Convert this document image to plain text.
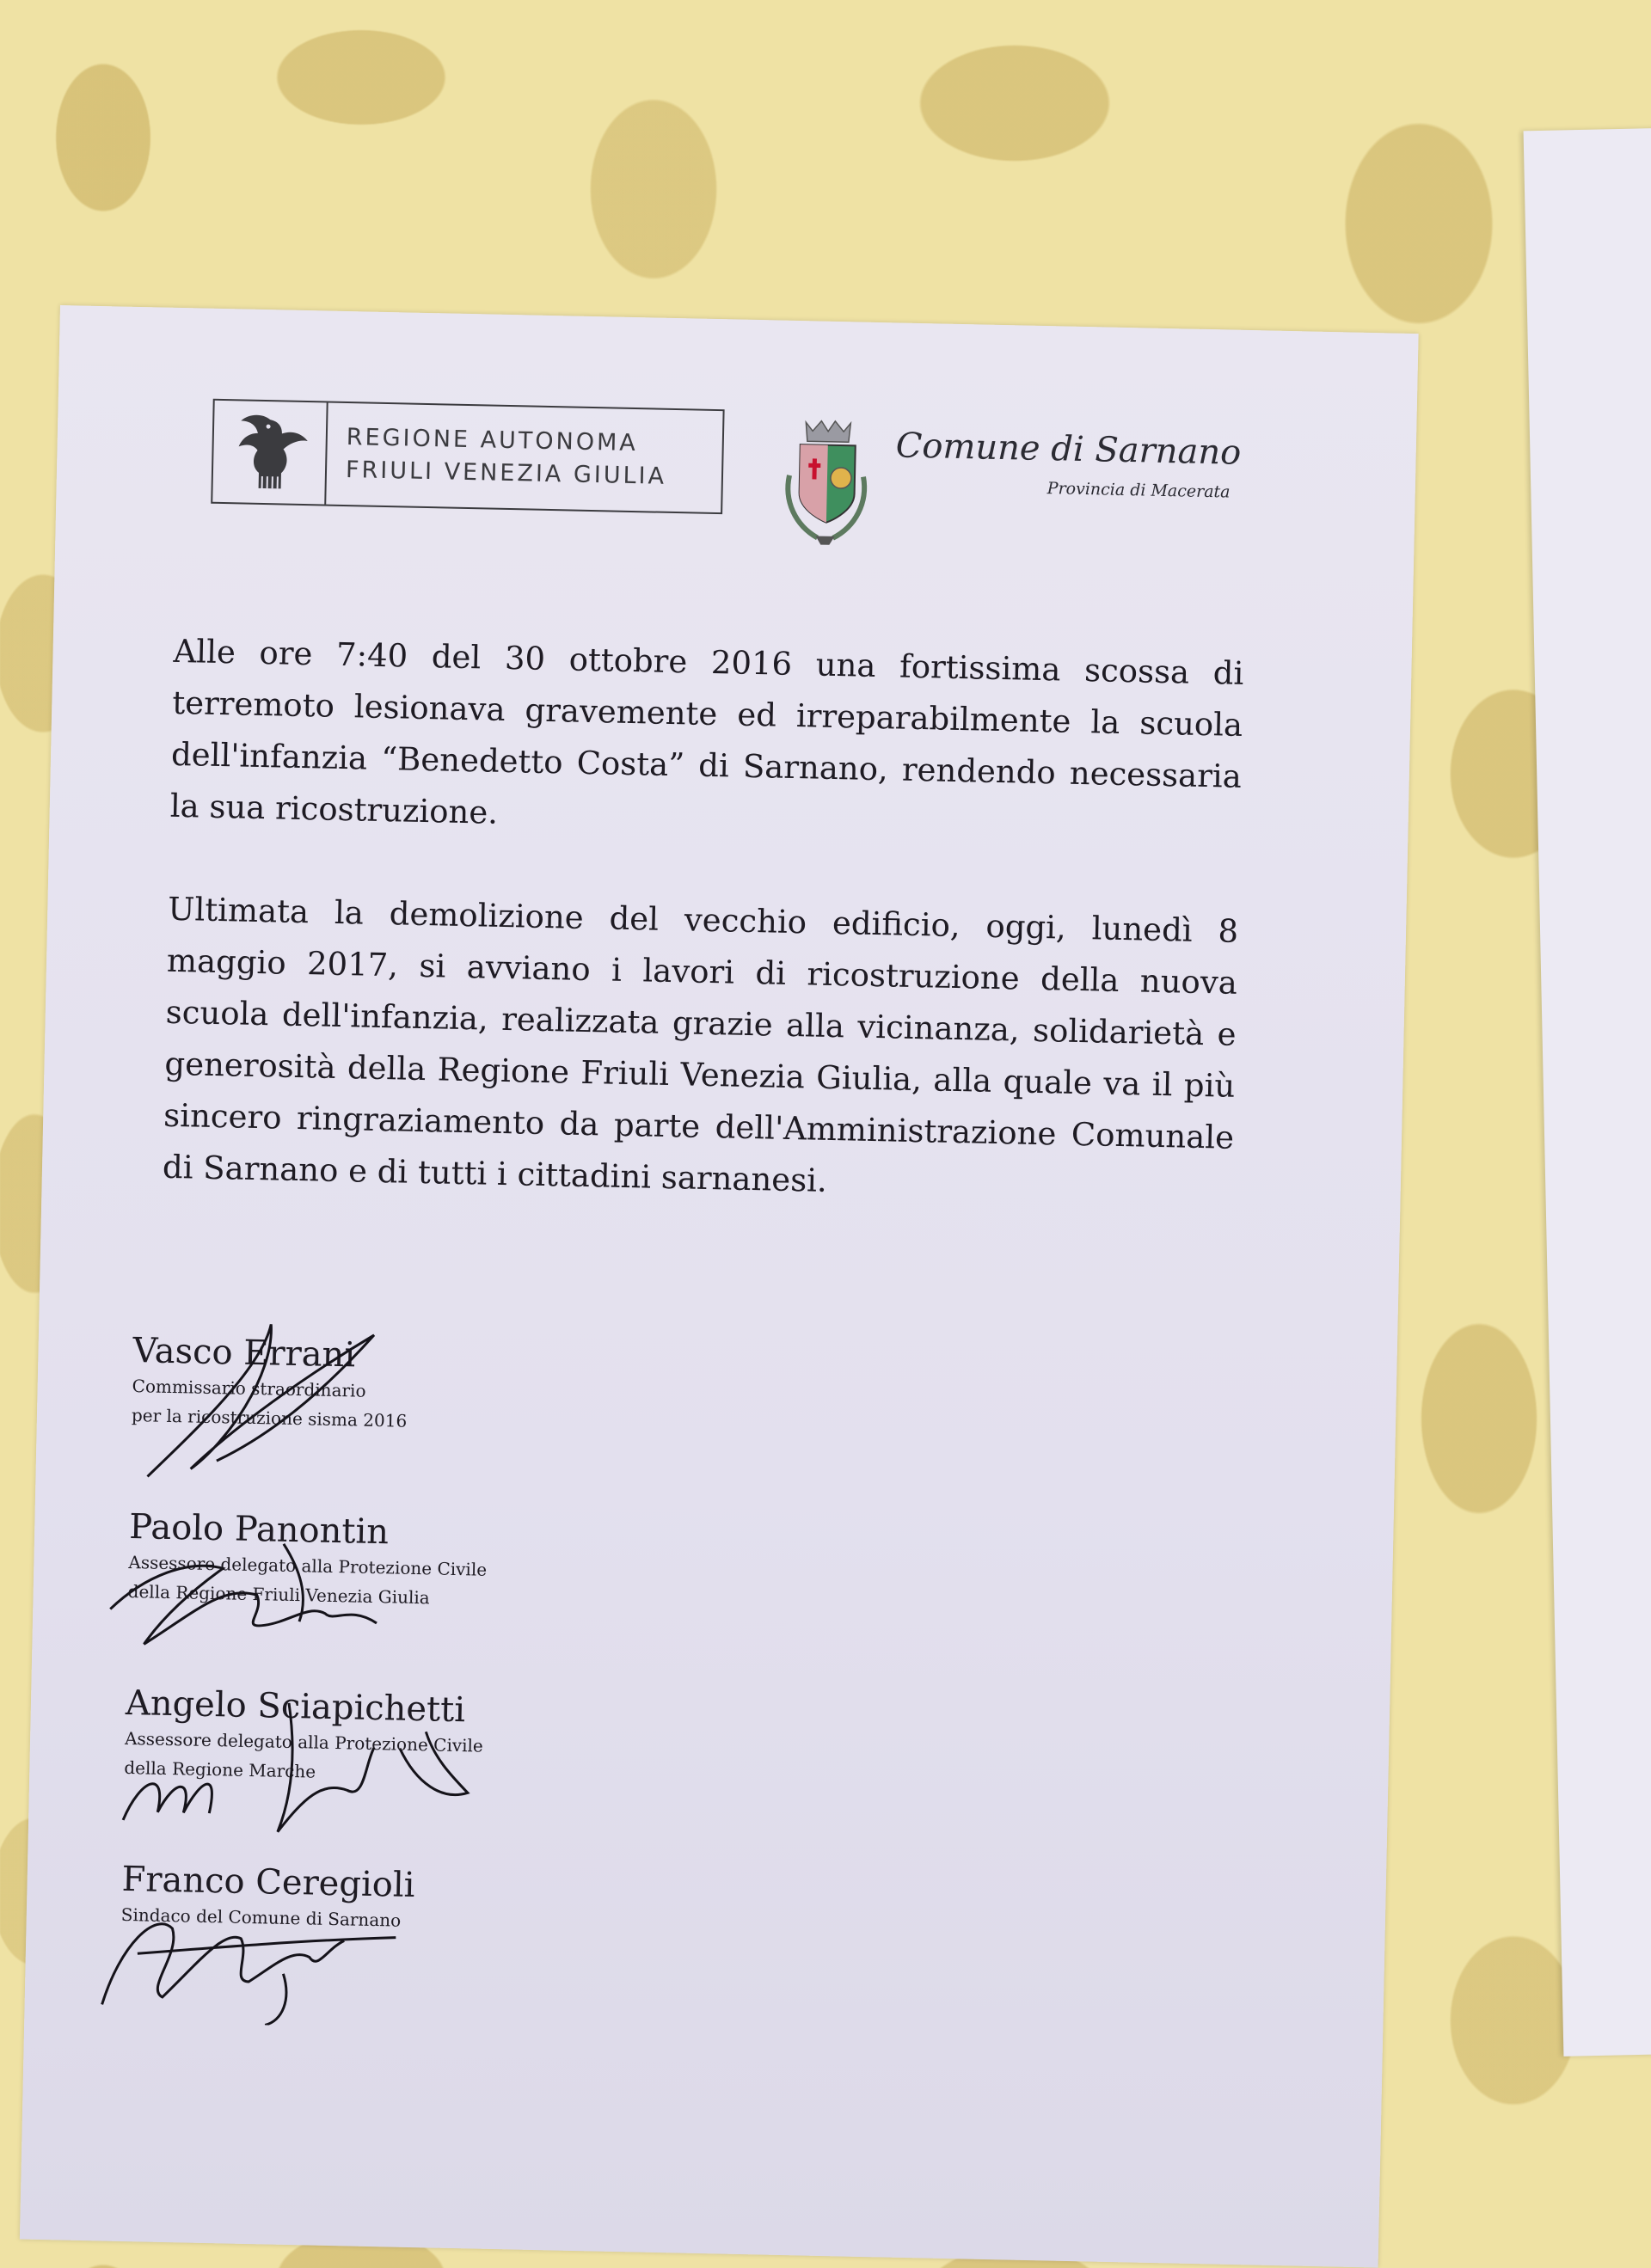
REGIONE AUTONOMA
FRIULI VENEZIA GIULIA
Comune di Sarnano
Provincia di Macerata

Alle ore 7:40 del 30 ottobre 2016 una fortissima scossa di terremoto lesionava gravemente ed irreparabilmente la scuola dell'infanzia “Benedetto Costa” di Sarnano, rendendo necessaria la sua ricostruzione.

Ultimata la demolizione del vecchio edificio, oggi, lunedì 8 maggio 2017, si avviano i lavori di ricostruzione della nuova scuola dell'infanzia, realizzata grazie alla vicinanza, solidarietà e generosità della Regione Friuli Venezia Giulia, alla quale va il più sincero ringraziamento da parte dell'Amministrazione Comunale di Sarnano e di tutti i cittadini sarnanesi.

Vasco Errani
Commissario straordinario
per la ricostruzione sisma 2016
Paolo Panontin
Assessore delegato alla Protezione Civile
della Regione Friuli Venezia Giulia
Angelo Sciapichetti
Assessore delegato alla Protezione Civile
della Regione Marche
Franco Ceregioli
Sindaco del Comune di Sarnano
